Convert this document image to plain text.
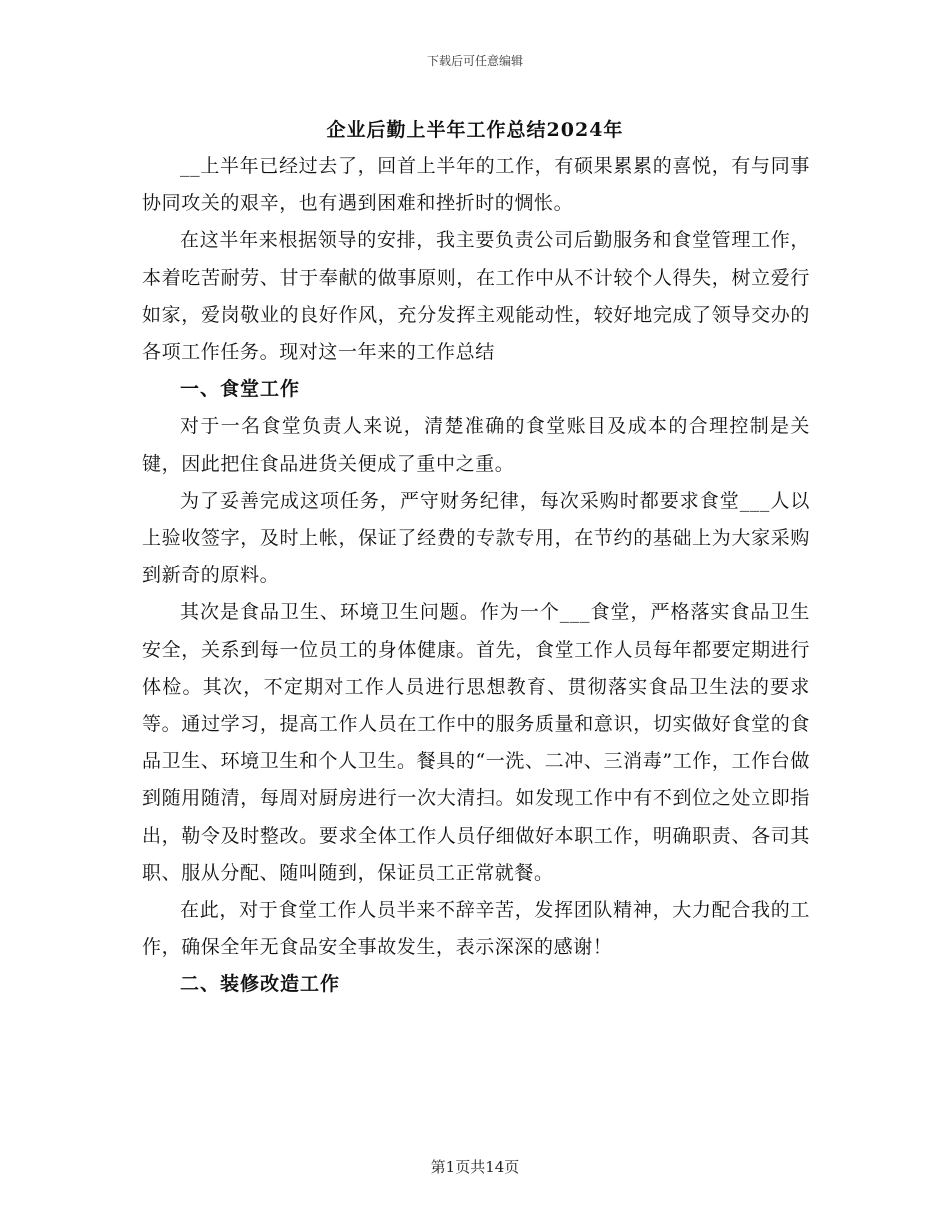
下载后可任意编辑
企业后勤上半年工作总结2024年

__上半年已经过去了，回首上半年的工作，有硕果累累的喜悦，有与同事协同攻关的艰辛，也有遇到困难和挫折时的惆怅。

在这半年来根据领导的安排，我主要负责公司后勤服务和食堂管理工作，本着吃苦耐劳、甘于奉献的做事原则，在工作中从不计较个人得失，树立爱行如家，爱岗敬业的良好作风，充分发挥主观能动性，较好地完成了领导交办的各项工作任务。现对这一年来的工作总结

一、食堂工作

对于一名食堂负责人来说，清楚准确的食堂账目及成本的合理控制是关键，因此把住食品进货关便成了重中之重。

为了妥善完成这项任务，严守财务纪律，每次采购时都要求食堂___人以上验收签字，及时上帐，保证了经费的专款专用，在节约的基础上为大家采购到新奇的原料。

其次是食品卫生、环境卫生问题。作为一个___食堂，严格落实食品卫生安全，关系到每一位员工的身体健康。首先，食堂工作人员每年都要定期进行体检。其次，不定期对工作人员进行思想教育、贯彻落实食品卫生法的要求等。通过学习，提高工作人员在工作中的服务质量和意识，切实做好食堂的食品卫生、环境卫生和个人卫生。餐具的“一洗、二冲、三消毒”工作，工作台做到随用随清，每周对厨房进行一次大清扫。如发现工作中有不到位之处立即指出，勒令及时整改。要求全体工作人员仔细做好本职工作，明确职责、各司其职、服从分配、随叫随到，保证员工正常就餐。

在此，对于食堂工作人员半来不辞辛苦，发挥团队精神，大力配合我的工作，确保全年无食品安全事故发生，表示深深的感谢！

二、装修改造工作
第1页共14页
